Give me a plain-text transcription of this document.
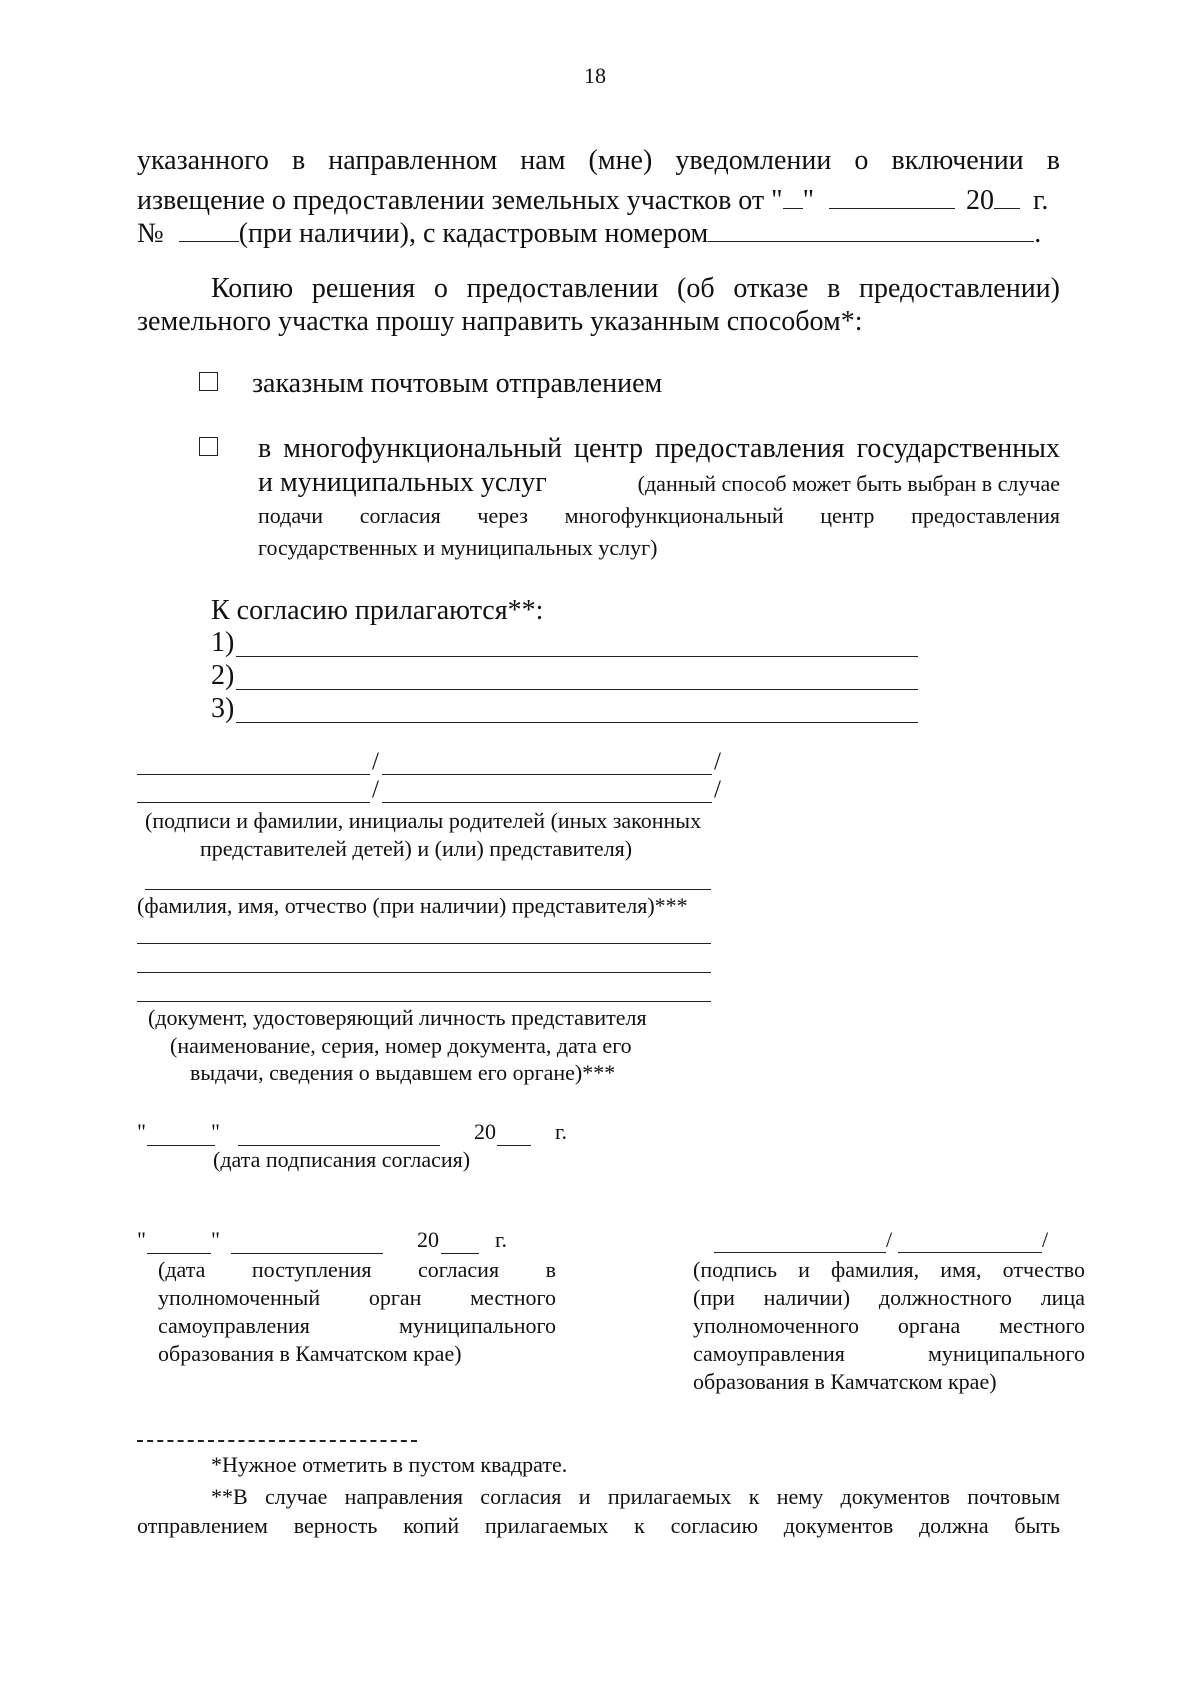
18
указанного в направленном нам (мне) уведомлении о включении в
извещение о предоставлении земельных участков от " "	20 г.
№	(при наличии), с кадастровым номером	.
Копию решения о предоставлении (об отказе в предоставлении)
земельного участка прошу направить указанным способом*:
заказным почтовым отправлением
в многофункциональный центр предоставления государственных
и муниципальных услуг	(данный способ может быть выбран в случае
подачи согласия через многофункциональный центр предоставления
государственных и муниципальных услуг)
К согласию прилагаются**:
1)
2)
3)
/	/
/	/
(подписи и фамилии, инициалы родителей (иных законных
представителей детей) и (или) представителя)
(фамилия, имя, отчество (при наличии) представителя)***
(документ, удостоверяющий личность представителя
(наименование, серия, номер документа, дата его
выдачи, сведения о выдавшем его органе)***
"	"	20	г.
(дата подписания согласия)
"	"	20	г.
(дата поступления согласия в
уполномоченный орган местного
самоуправления муниципального
образования в Камчатском крае)
/	/
(подпись и фамилия, имя, отчество
(при наличии) должностного лица
уполномоченного органа местного
самоуправления муниципального
образования в Камчатском крае)
*Нужное отметить в пустом квадрате.
**В случае направления согласия и прилагаемых к нему документов почтовым
отправлением верность копий прилагаемых к согласию документов должна быть
